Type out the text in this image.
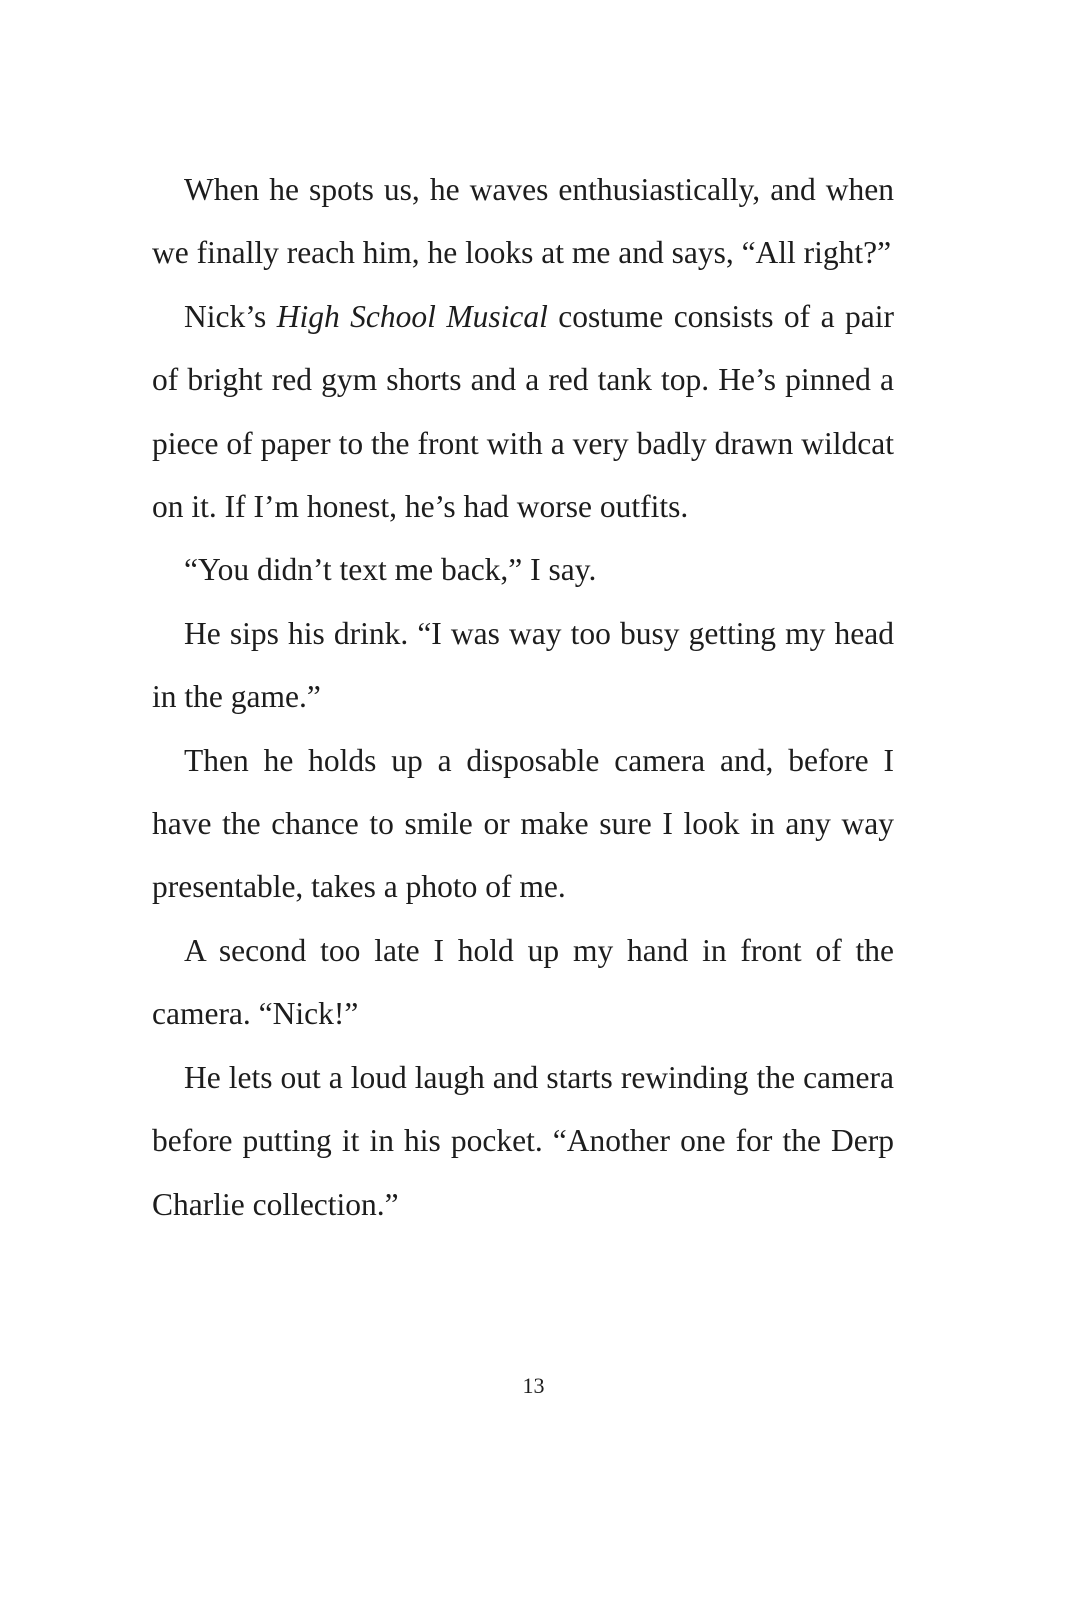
When he spots us, he waves enthusiastically, and when we finally reach him, he looks at me and says, “All right?”

Nick’s High School Musical costume consists of a pair of bright red gym shorts and a red tank top. He’s pinned a piece of paper to the front with a very badly drawn wildcat on it. If I’m honest, he’s had worse outfits.

“You didn’t text me back,” I say.

He sips his drink. “I was way too busy getting my head in the game.”

Then he holds up a disposable camera and, before I have the chance to smile or make sure I look in any way presentable, takes a photo of me.

A second too late I hold up my hand in front of the camera. “Nick!”

He lets out a loud laugh and starts rewinding the camera before putting it in his pocket. “Another one for the Derp Charlie collection.”

13
